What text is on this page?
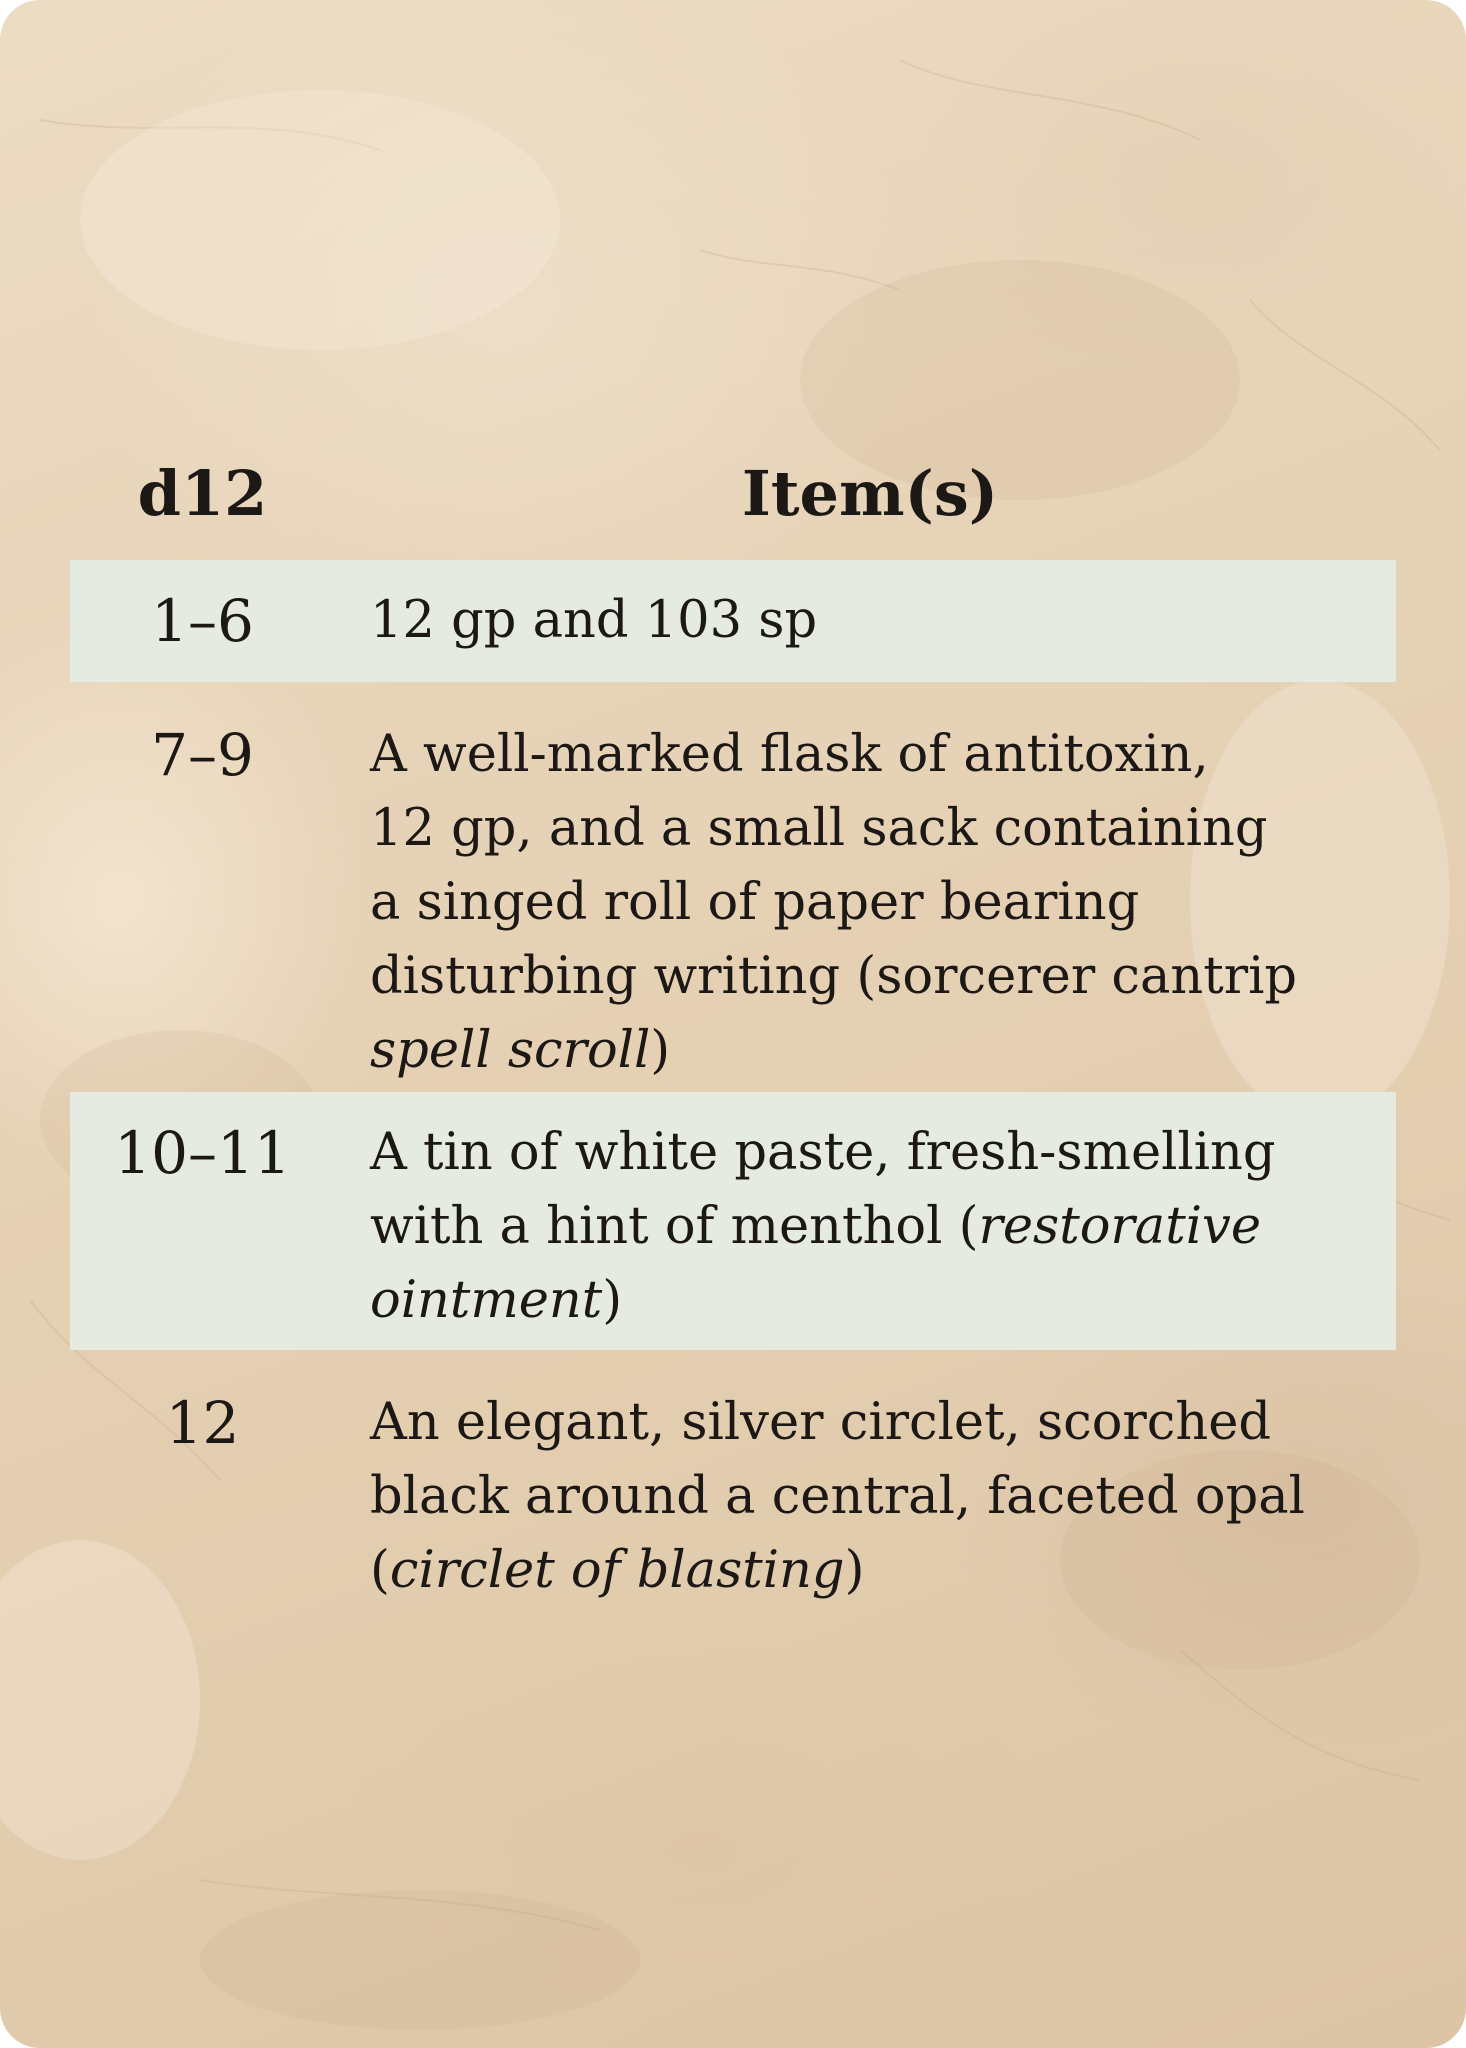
d12	Item(s)
1–6	12 gp and 103 sp
7–9	A well-marked flask of antitoxin,
12 gp, and a small sack containing
a singed roll of paper bearing
disturbing writing (sorcerer cantrip
spell scroll)
10–11	A tin of white paste, fresh-smelling
with a hint of menthol (restorative
ointment)
12	An elegant, silver circlet, scorched
black around a central, faceted opal
(circlet of blasting)
